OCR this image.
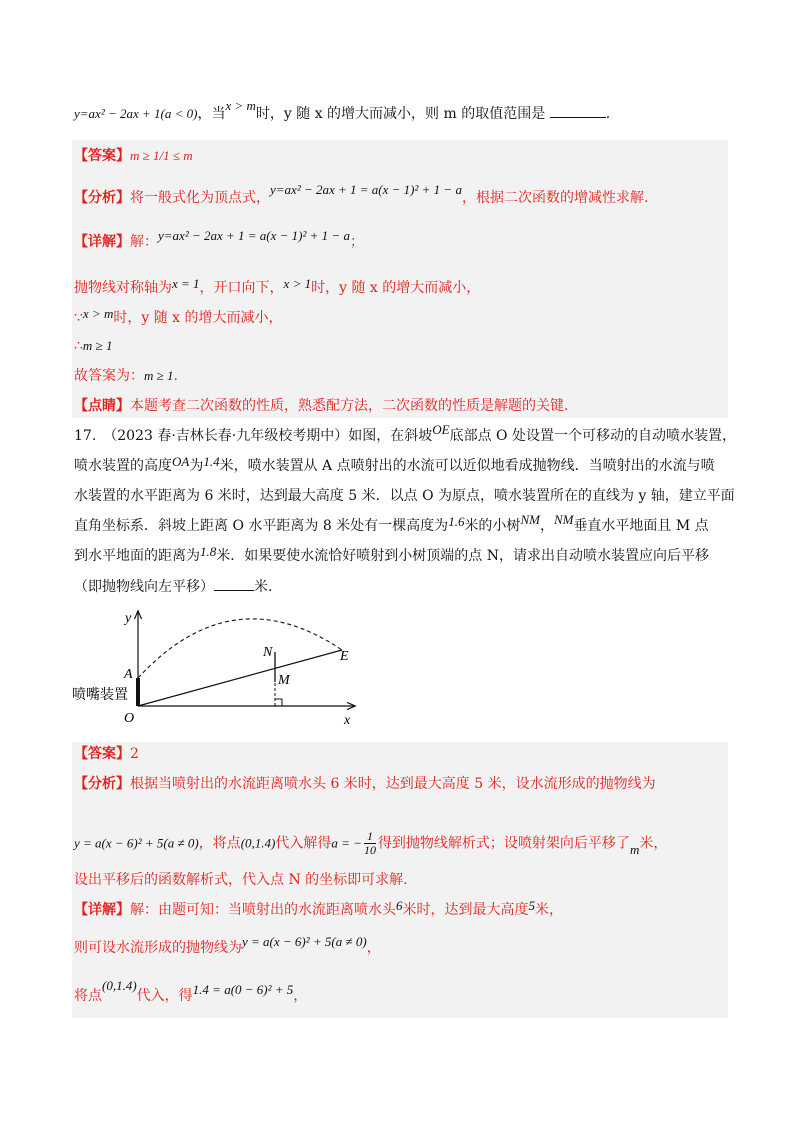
y=ax² − 2ax + 1(a < 0)，当x > m时，y 随 x 的增大而减小，则 m 的取值范围是	.
【答案】m ≥ 1/1 ≤ m
【分析】将一般式化为顶点式，y=ax² − 2ax + 1 = a(x − 1)² + 1 − a，根据二次函数的增减性求解.
【详解】解：y=ax² − 2ax + 1 = a(x − 1)² + 1 − a；
抛物线对称轴为x = 1，开口向下，x > 1时，y 随 x 的增大而减小，
∵x > m时，y 随 x 的增大而减小，
∴m ≥ 1
故答案为：m ≥ 1.
【点睛】本题考查二次函数的性质，熟悉配方法，二次函数的性质是解题的关键.
17.　（2023 春·吉林长春·九年级校考期中）如图，在斜坡OE底部点 O 处设置一个可移动的自动喷水装置，
喷水装置的高度OA为1.4米，喷水装置从 A 点喷射出的水流可以近似地看成抛物线．当喷射出的水流与喷
水装置的水平距离为 6 米时，达到最大高度 5 米．以点 O 为原点，喷水装置所在的直线为 y 轴，建立平面
直角坐标系．斜坡上距离 O 水平距离为 8 米处有一棵高度为1.6米的小树NM，NM垂直水平地面且 M 点
到水平地面的距离为1.8米．如果要使水流恰好喷射到小树顶端的点 N，请求出自动喷水装置应向后平移
（即抛物线向左平移）	米.
y
x
O
A
N
M
E
喷嘴装置
【答案】2
【分析】根据当喷射出的水流距离喷水头 6 米时，达到最大高度 5 米，设水流形成的抛物线为
y = a(x − 6)² + 5(a ≠ 0)，将点(0,1.4)代入解得a = − $\frac{1}{10}$ 得到抛物线解析式；设喷射架向后平移了m米，
设出平移后的函数解析式，代入点 N 的坐标即可求解.
【详解】解：由题可知：当喷射出的水流距离喷水头6米时，达到最大高度5米，
则可设水流形成的抛物线为y = a(x − 6)² + 5(a ≠ 0)，
将点(0,1.4)代入，得1.4 = a(0 − 6)² + 5，
